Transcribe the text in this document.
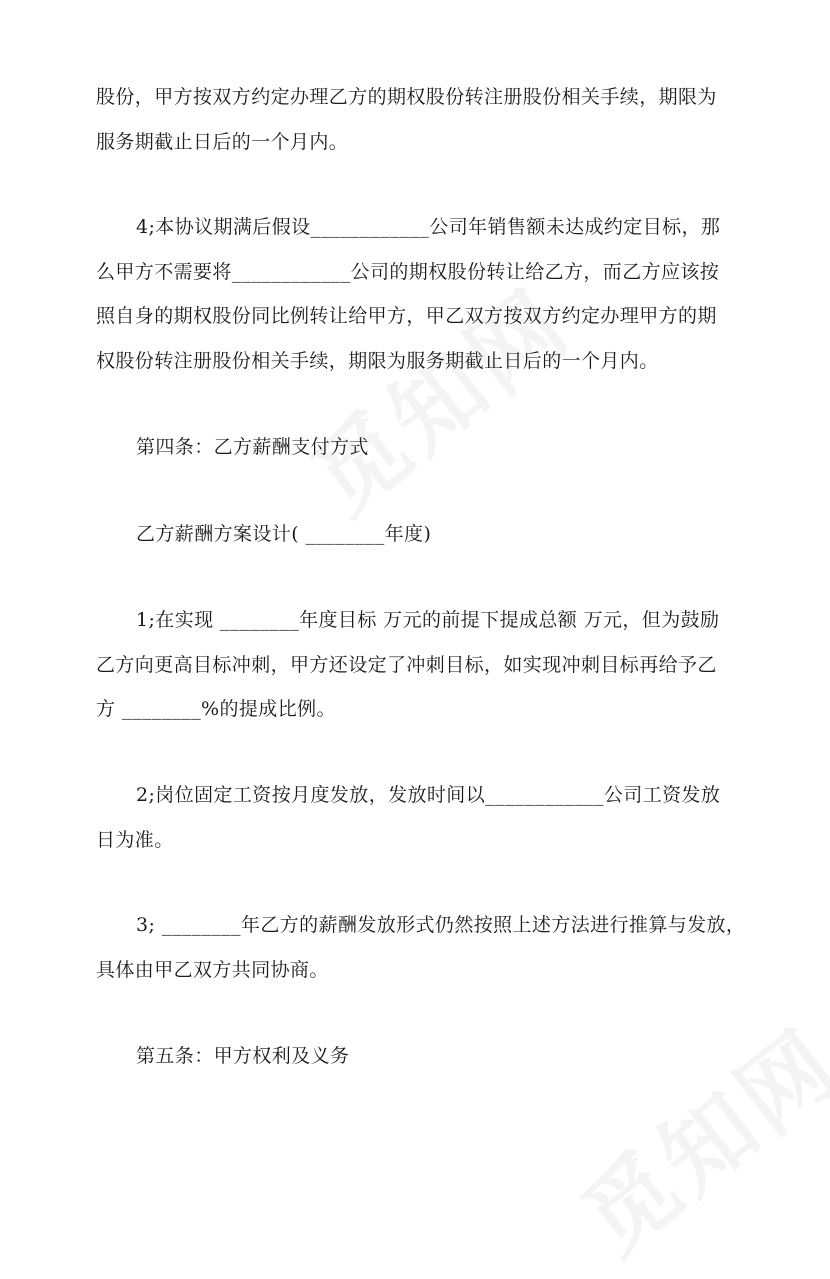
股份，甲方按双方约定办理乙方的期权股份转注册股份相关手续，期限为
服务期截止日后的一个月内。
4;本协议期满后假设____________公司年销售额未达成约定目标，那
么甲方不需要将____________公司的期权股份转让给乙方，而乙方应该按
照自身的期权股份同比例转让给甲方，甲乙双方按双方约定办理甲方的期
权股份转注册股份相关手续，期限为服务期截止日后的一个月内。
第四条：乙方薪酬支付方式
乙方薪酬方案设计( ________年度)
1;在实现 ________年度目标 万元的前提下提成总额 万元，但为鼓励
乙方向更高目标冲刺，甲方还设定了冲刺目标，如实现冲刺目标再给予乙
方 ________%的提成比例。
2;岗位固定工资按月度发放，发放时间以____________公司工资发放
日为准。
3; ________年乙方的薪酬发放形式仍然按照上述方法进行推算与发放，
具体由甲乙双方共同协商。
第五条：甲方权利及义务
